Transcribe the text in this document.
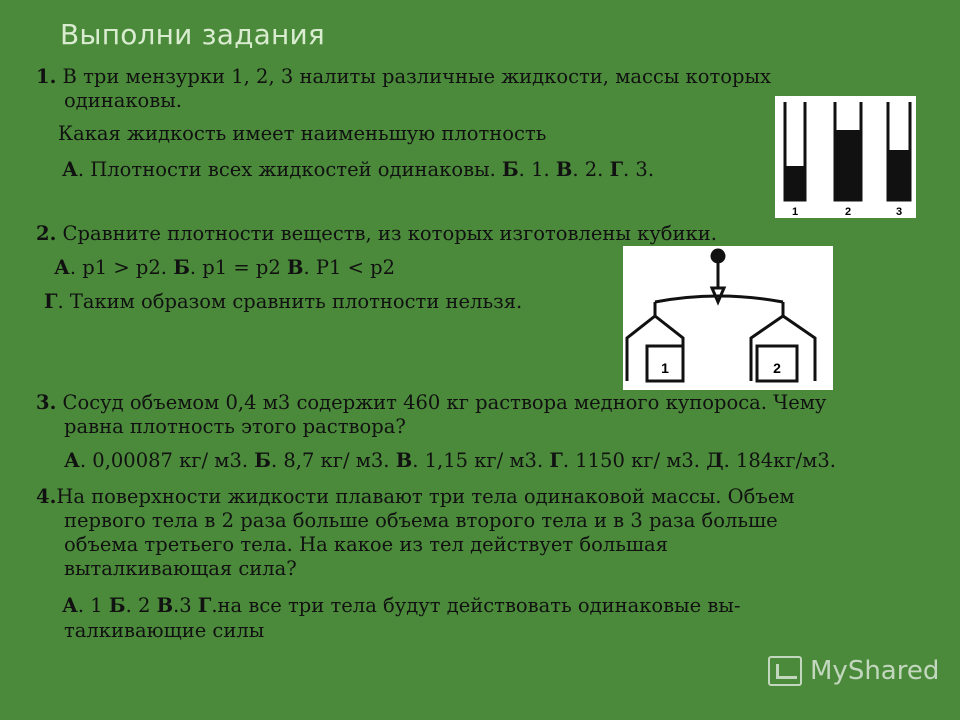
Выполни задания
1. В три мензурки 1, 2, 3 налиты различные жидкости, массы которых
одинаковы.
Какая жидкость имеет наименьшую плотность
А. Плотности всех жидкостей одинаковы. Б. 1. В. 2. Г. 3.
1	2	3
2. Сравните плотности веществ, из которых изготовлены кубики.
А. p1 > p2. Б. p1 = p2 В. P1 < p2
Г. Таким образом сравнить плотности нельзя.
1	2
3. Сосуд объемом 0,4 м3 содержит 460 кг раствора медного купороса. Чему
равна плотность этого раствора?
А. 0,00087 кг/ м3. Б. 8,7 кг/ м3. В. 1,15 кг/ м3. Г. 1150 кг/ м3. Д. 184кг/м3.
4.На поверхности жидкости плавают три тела одинаковой массы. Объем
первого тела в 2 раза больше объема второго тела и в 3 раза больше
объема третьего тела. На какое из тел действует большая
выталкивающая сила?
А. 1 Б. 2 В.3 Г.на все три тела будут действовать одинаковые вы-
талкивающие силы
MyShared
